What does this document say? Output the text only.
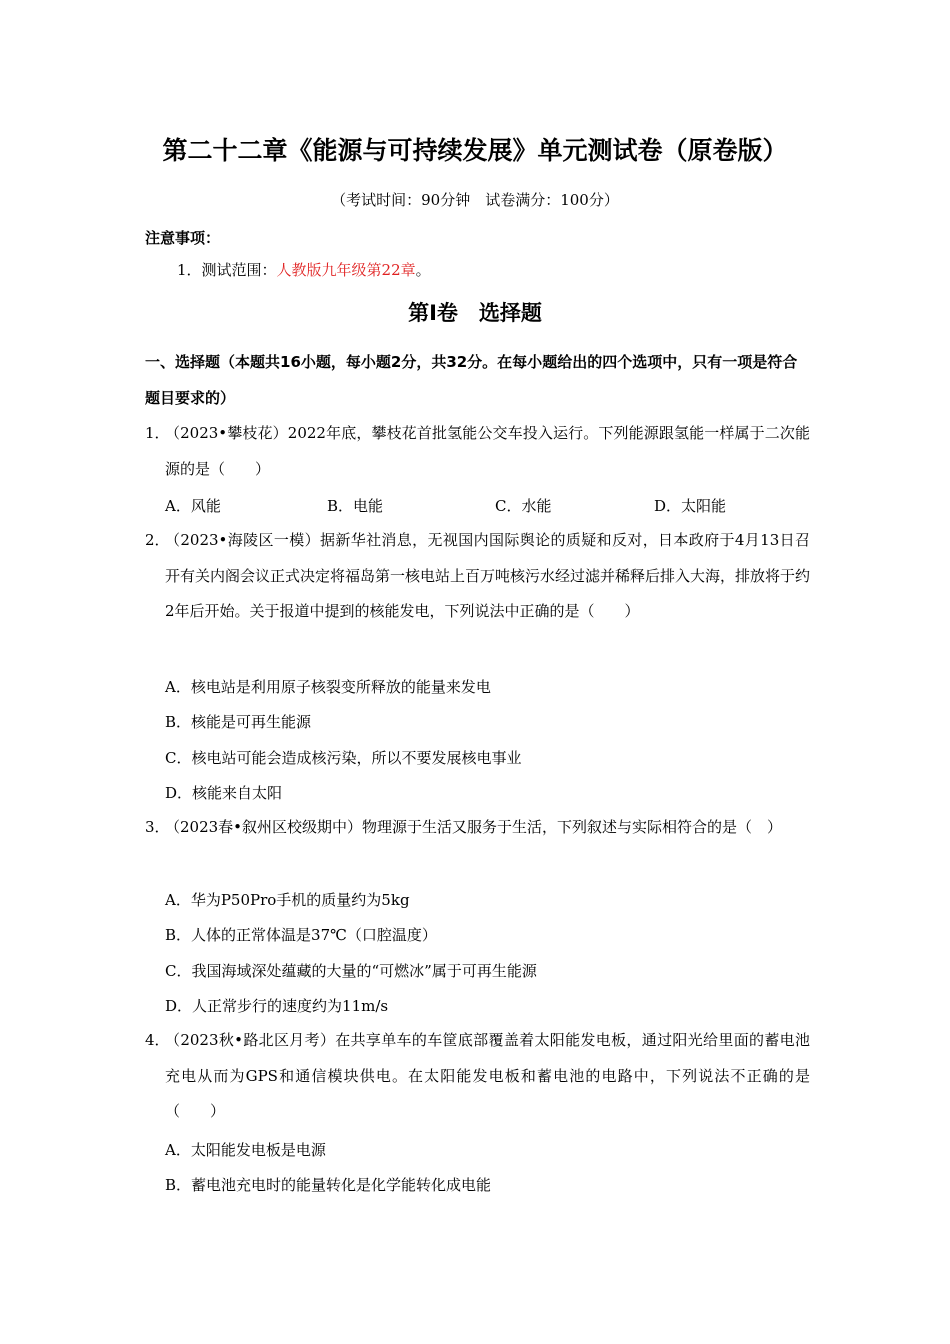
第二十二章《能源与可持续发展》单元测试卷（原卷版）
（考试时间：90分钟　试卷满分：100分）
注意事项：
1．测试范围：人教版九年级第22章。
第Ⅰ卷　选择题
一、选择题（本题共16小题，每小题2分，共32分。在每小题给出的四个选项中，只有一项是符合题目要求的）
1．
（2023•攀枝花）2022年底，攀枝花首批氢能公交车投入运行。下列能源跟氢能一样属于二次能源的是（　　）
A．风能	B．电能	C．水能	D．太阳能
2．
（2023•海陵区一模）据新华社消息，无视国内国际舆论的质疑和反对，日本政府于4月13日召开有关内阁会议正式决定将福岛第一核电站上百万吨核污水经过滤并稀释后排入大海，排放将于约2年后开始。关于报道中提到的核能发电，下列说法中正确的是（　　）
A．核电站是利用原子核裂变所释放的能量来发电
B．核能是可再生能源
C．核电站可能会造成核污染，所以不要发展核电事业
D．核能来自太阳
3．
（2023春•叙州区校级期中）物理源于生活又服务于生活，下列叙述与实际相符合的是（　）
A．华为P50Pro手机的质量约为5kg
B．人体的正常体温是37℃（口腔温度）
C．我国海域深处蕴藏的大量的“可燃冰”属于可再生能源
D．人正常步行的速度约为11m/s
4．
（2023秋•路北区月考）在共享单车的车筐底部覆盖着太阳能发电板，通过阳光给里面的蓄电池充电从而为GPS和通信模块供电。在太阳能发电板和蓄电池的电路中，下列说法不正确的是（　　）
A．太阳能发电板是电源
B．蓄电池充电时的能量转化是化学能转化成电能
